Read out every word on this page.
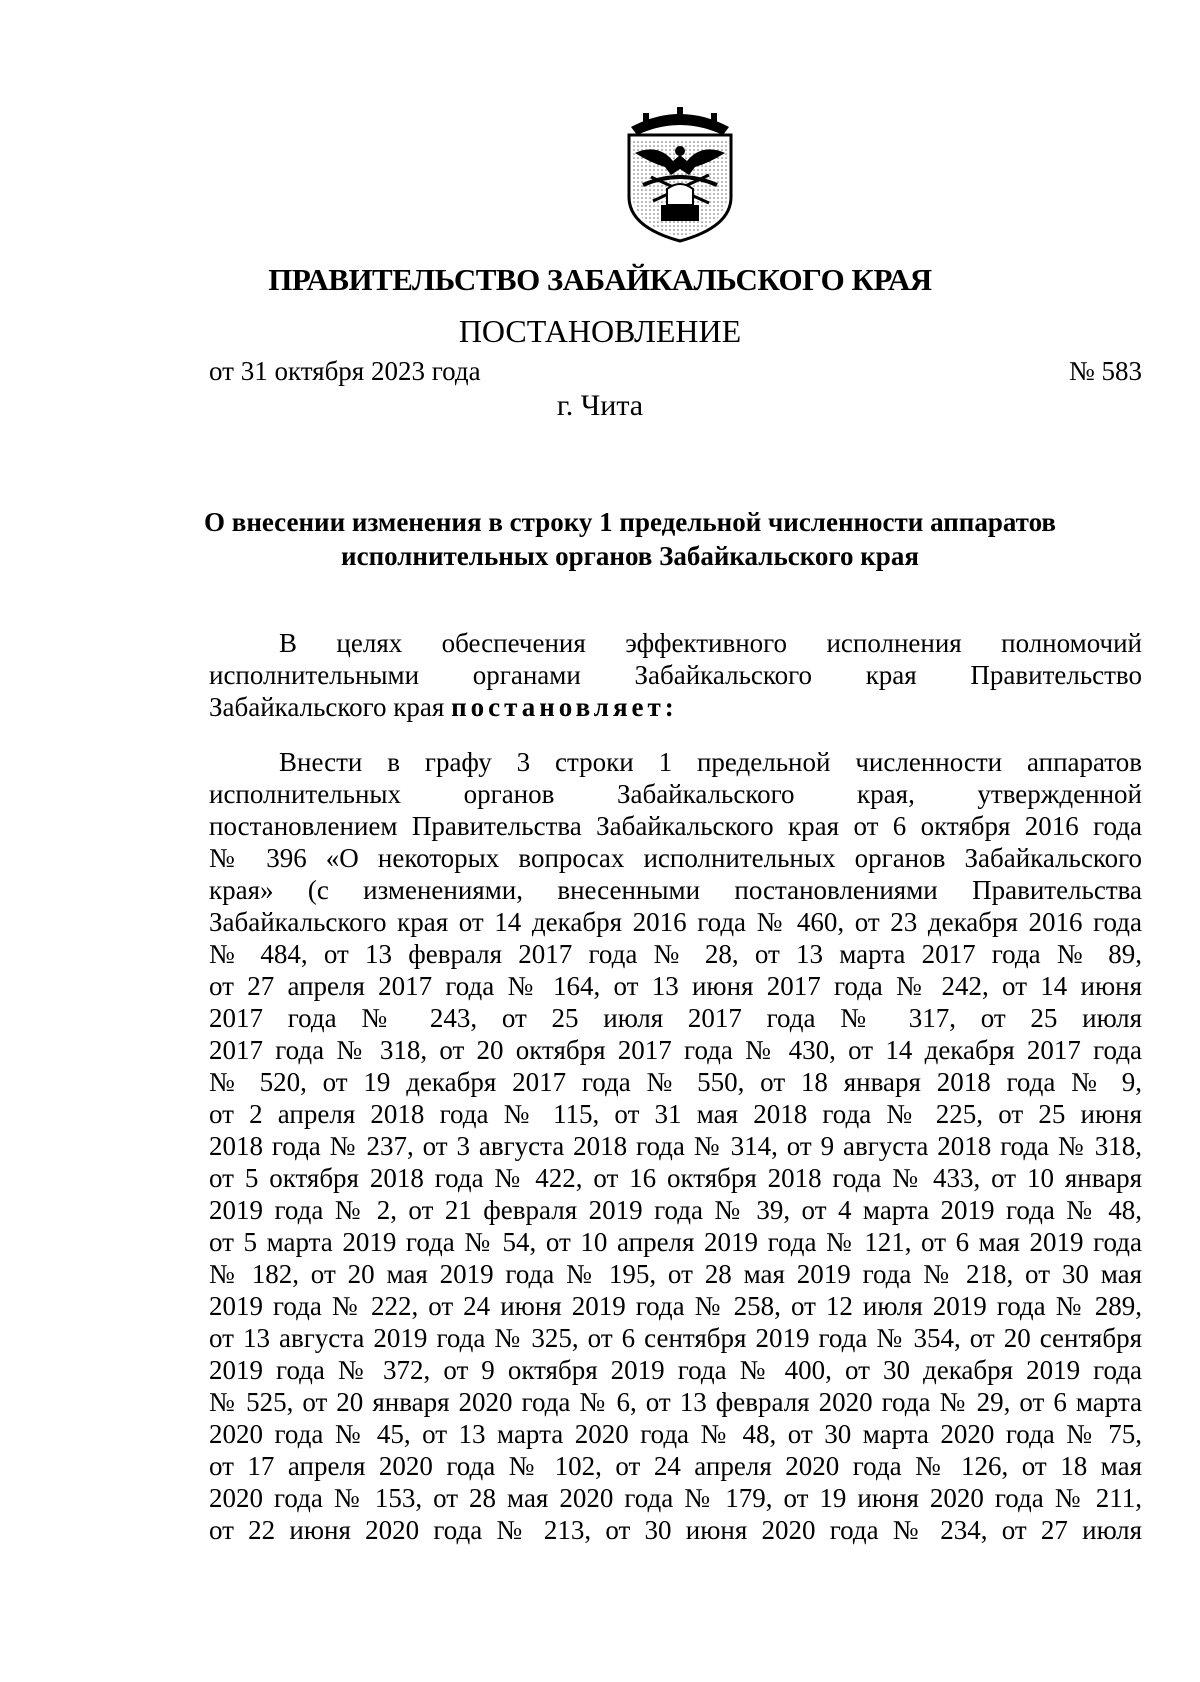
ПРАВИТЕЛЬСТВО ЗАБАЙКАЛЬСКОГО КРАЯ
ПОСТАНОВЛЕНИЕ
от 31 октября 2023 года	№ 583
г. Чита
О внесении изменения в строку 1 предельной численности аппаратов
исполнительных органов Забайкальского края
В целях обеспечения эффективного исполнения полномочий
исполнительными органами Забайкальского края Правительство
Забайкальского края постановляет:
Внести в графу 3 строки 1 предельной численности аппаратов
исполнительных органов Забайкальского края, утвержденной
постановлением Правительства Забайкальского края от 6 октября 2016 года
№ 396 «О некоторых вопросах исполнительных органов Забайкальского
края» (с изменениями, внесенными постановлениями Правительства
Забайкальского края от 14 декабря 2016 года № 460, от 23 декабря 2016 года
№ 484, от 13 февраля 2017 года № 28, от 13 марта 2017 года № 89,
от 27 апреля 2017 года № 164, от 13 июня 2017 года № 242, от 14 июня
2017 года № 243, от 25 июля 2017 года № 317, от 25 июля
2017 года № 318, от 20 октября 2017 года № 430, от 14 декабря 2017 года
№ 520, от 19 декабря 2017 года № 550, от 18 января 2018 года № 9,
от 2 апреля 2018 года № 115, от 31 мая 2018 года № 225, от 25 июня
2018 года № 237, от 3 августа 2018 года № 314, от 9 августа 2018 года № 318,
от 5 октября 2018 года № 422, от 16 октября 2018 года № 433, от 10 января
2019 года № 2, от 21 февраля 2019 года № 39, от 4 марта 2019 года № 48,
от 5 марта 2019 года № 54, от 10 апреля 2019 года № 121, от 6 мая 2019 года
№ 182, от 20 мая 2019 года № 195, от 28 мая 2019 года № 218, от 30 мая
2019 года № 222, от 24 июня 2019 года № 258, от 12 июля 2019 года № 289,
от 13 августа 2019 года № 325, от 6 сентября 2019 года № 354, от 20 сентября
2019 года № 372, от 9 октября 2019 года № 400, от 30 декабря 2019 года
№ 525, от 20 января 2020 года № 6, от 13 февраля 2020 года № 29, от 6 марта
2020 года № 45, от 13 марта 2020 года № 48, от 30 марта 2020 года № 75,
от 17 апреля 2020 года № 102, от 24 апреля 2020 года № 126, от 18 мая
2020 года № 153, от 28 мая 2020 года № 179, от 19 июня 2020 года № 211,
от 22 июня 2020 года № 213, от 30 июня 2020 года № 234, от 27 июля
